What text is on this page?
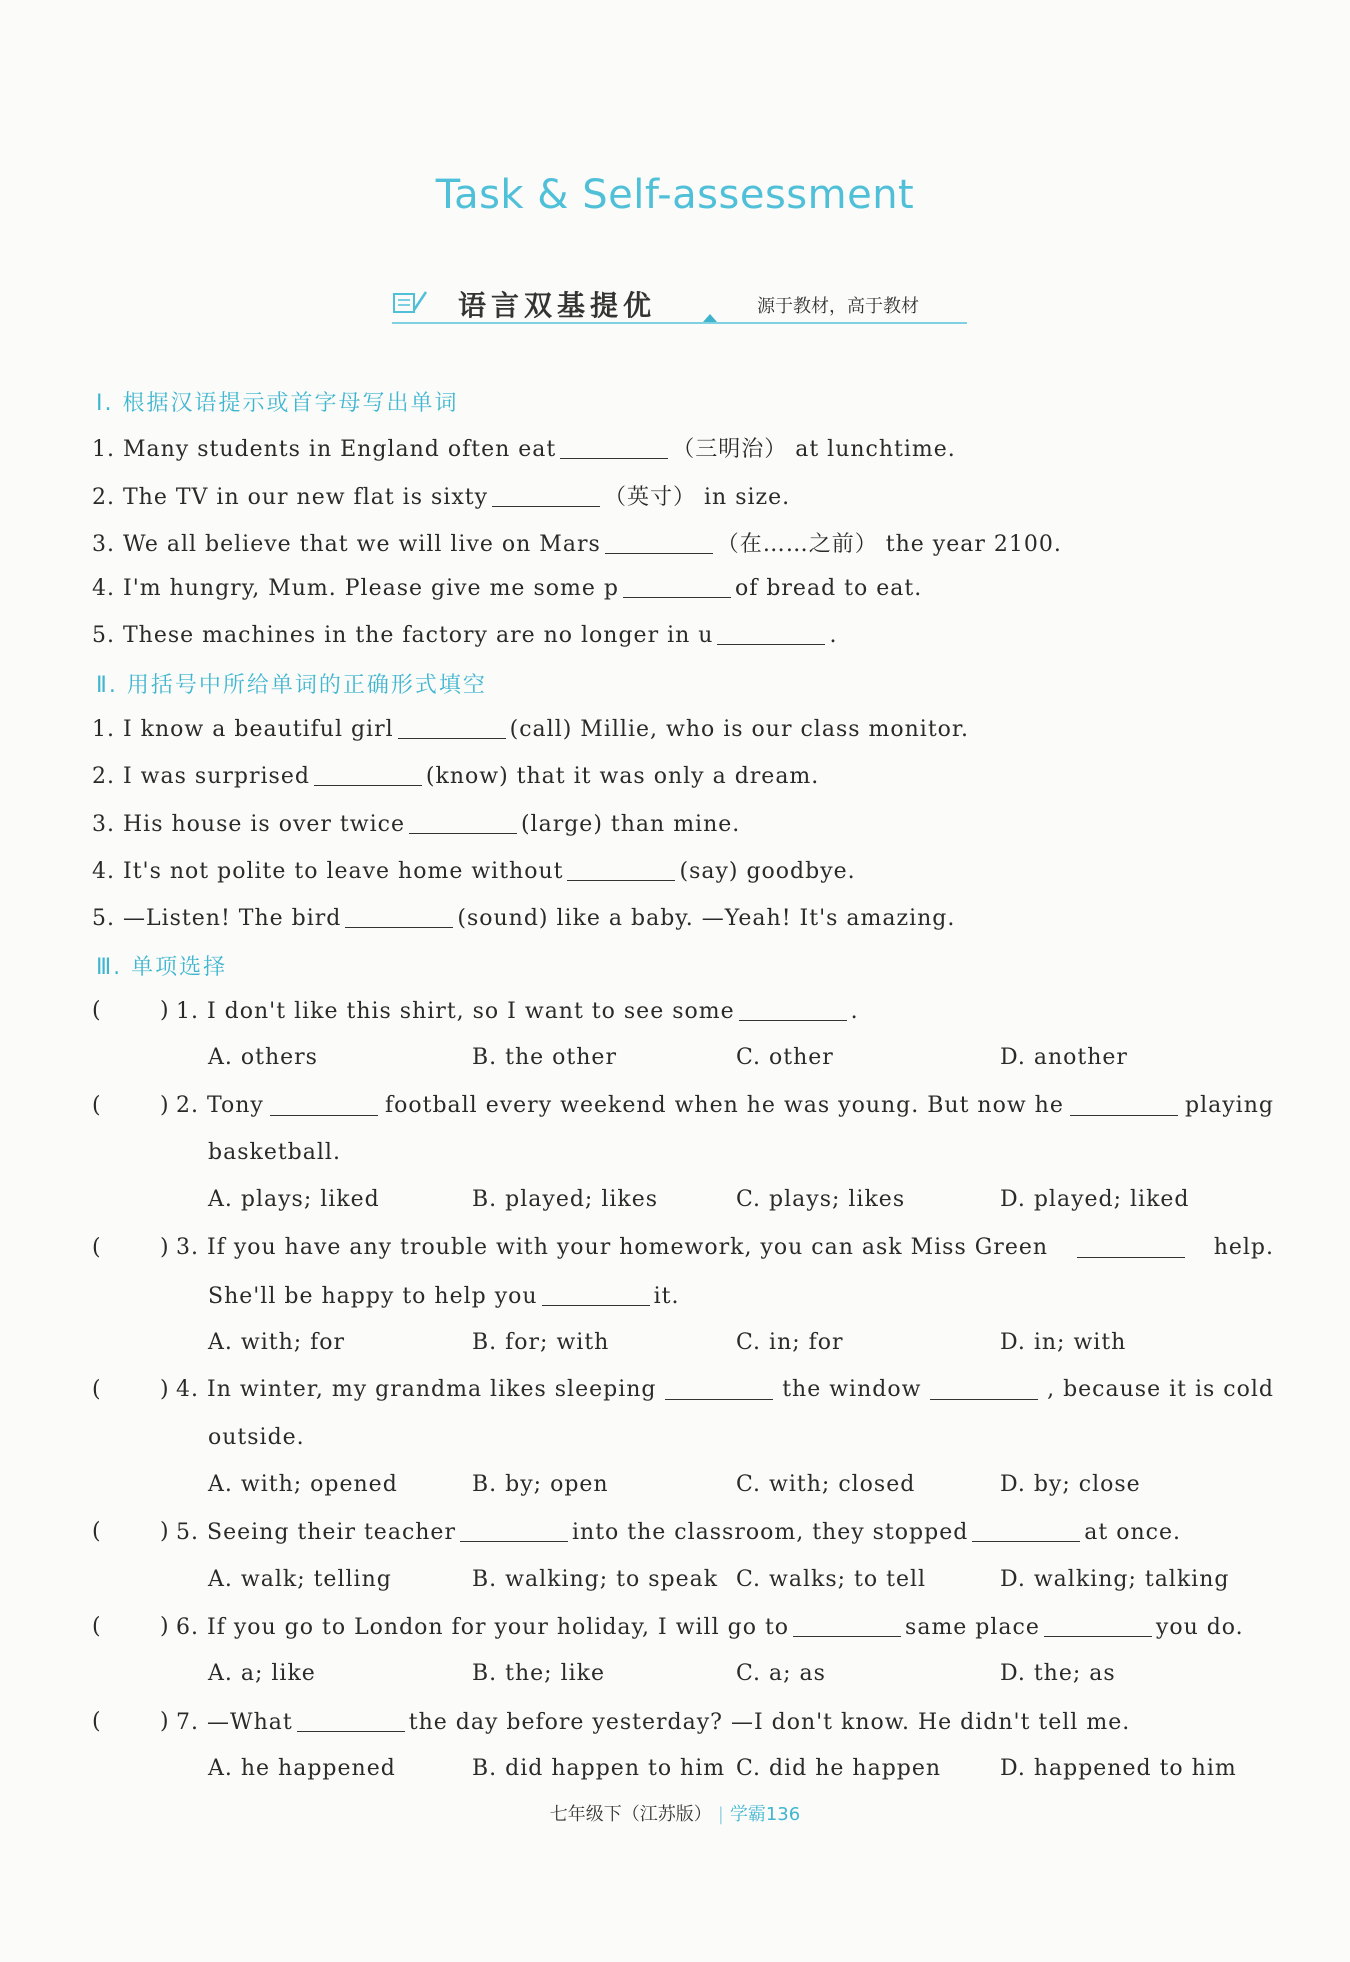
Task & Self-assessment
语言双基提优	源于教材，高于教材
Ⅰ. 根据汉语提示或首字母写出单词
1. Many students in England often eat	（三明治） at lunchtime.
2. The TV in our new flat is sixty	（英寸） in size.
3. We all believe that we will live on Mars	（在……之前） the year 2100.
4. I'm hungry, Mum. Please give me some p	of bread to eat.
5. These machines in the factory are no longer in u	.
Ⅱ. 用括号中所给单词的正确形式填空
1. I know a beautiful girl	(call) Millie, who is our class monitor.
2. I was surprised	(know) that it was only a dream.
3. His house is over twice	(large) than mine.
4. It's not polite to leave home without	(say) goodbye.
5. —Listen! The bird	(sound) like a baby. —Yeah! It's amazing.
Ⅲ. 单项选择
(	) 1. I don't like this shirt, so I want to see some	.
A. others	B. the other	C. other	D. another
(	) 2. Tony	football every weekend when he was young. But now he	playing
basketball.
A. plays; liked	B. played; likes	C. plays; likes	D. played; liked
(	) 3. If you have any trouble with your homework, you can ask Miss Green	help.
She'll be happy to help you	it.
A. with; for	B. for; with	C. in; for	D. in; with
(	) 4. In winter, my grandma likes sleeping	the window	, because it is cold
outside.
A. with; opened	B. by; open	C. with; closed	D. by; close
(	) 5. Seeing their teacher	into the classroom, they stopped	at once.
A. walk; telling	B. walking; to speak C. walks; to tell	D. walking; talking
(	) 6. If you go to London for your holiday, I will go to	same place	you do.
A. a; like	B. the; like	C. a; as	D. the; as
(	) 7. —What	the day before yesterday? —I don't know. He didn't tell me.
A. he happened	B. did happen to him C. did he happen	D. happened to him
七年级下（江苏版） | 学霸136
